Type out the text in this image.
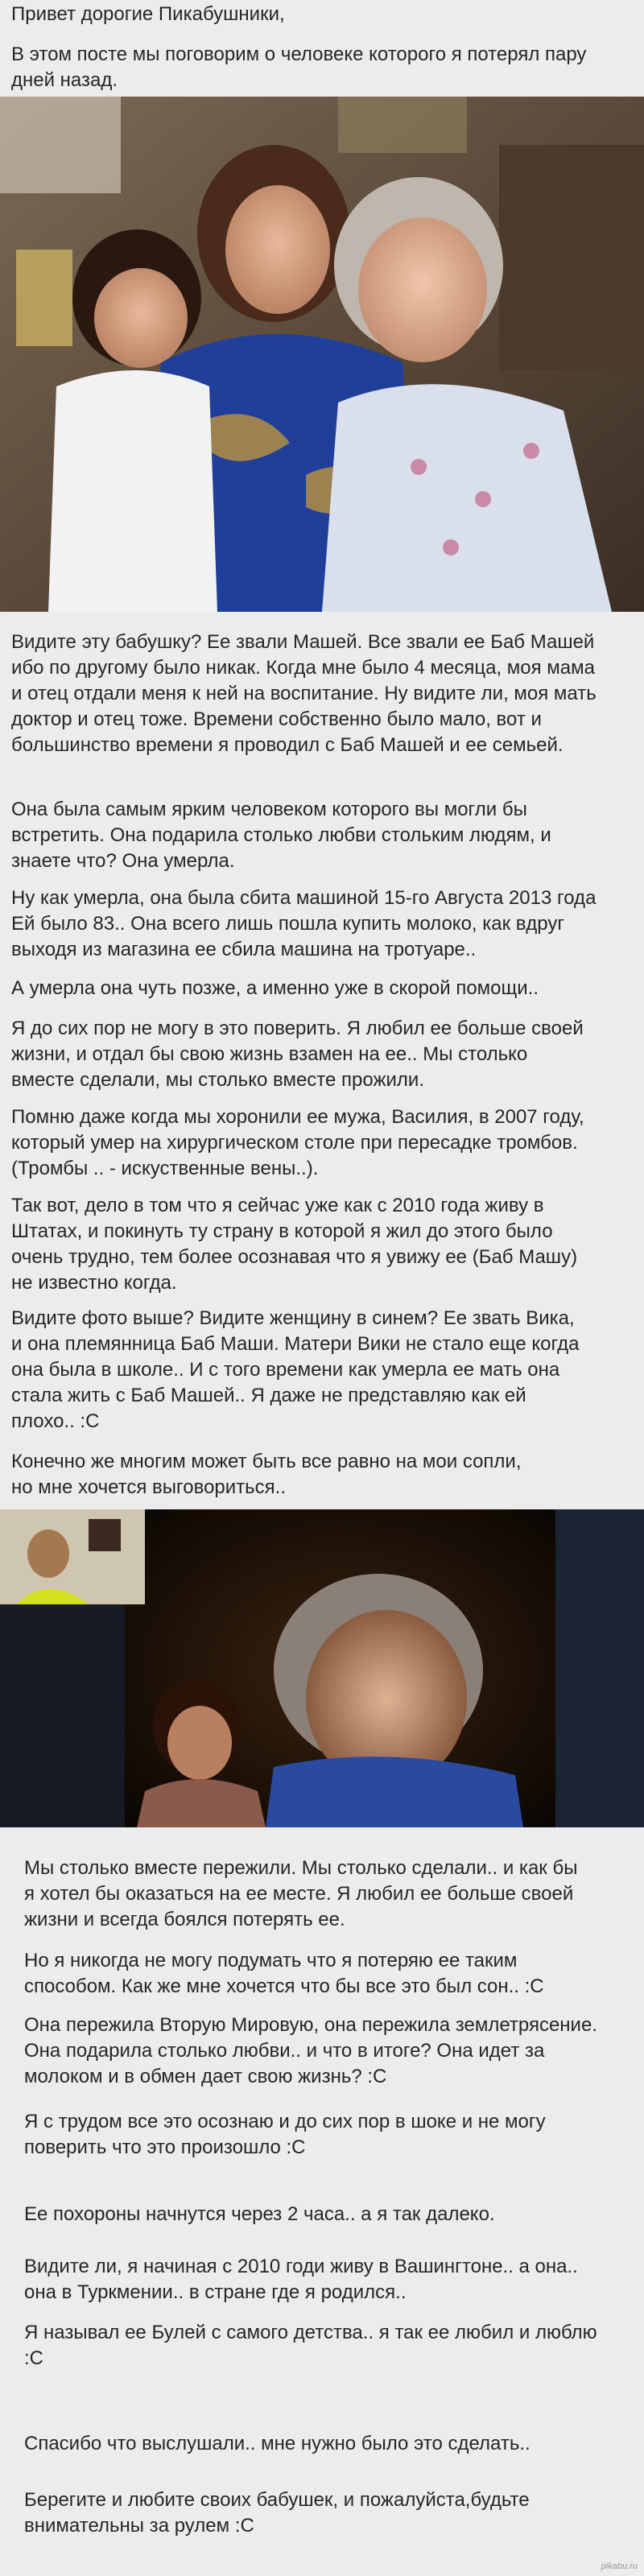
Привет дорогие Пикабушники,

В этом посте мы поговорим о человеке которого я потерял пару дней назад.

Видите эту бабушку? Ее звали Машей. Все звали ее Баб Машей
ибо по другому было никак. Когда мне было 4 месяца, моя мама
и отец отдали меня к ней на воспитание. Ну видите ли, моя мать
доктор и отец тоже. Времени собственно было мало, вот и
большинство времени я проводил с Баб Машей и ее семьей.

Она была самым ярким человеком которого вы могли бы
встретить. Она подарила столько любви стольким людям, и
знаете что? Она умерла.

Ну как умерла, она была сбита машиной 15-го Августа 2013 года
Ей было 83.. Она всего лишь пошла купить молоко, как вдруг
выходя из магазина ее сбила машина на тротуаре..

А умерла она чуть позже, а именно уже в скорой помощи..

Я до сих пор не могу в это поверить. Я любил ее больше своей
жизни, и отдал бы свою жизнь взамен на ее.. Мы столько
вместе сделали, мы столько вместе прожили.

Помню даже когда мы хоронили ее мужа, Василия, в 2007 году,
который умер на хирургическом столе при пересадке тромбов.
(Тромбы .. - искуственные вены..).

Так вот, дело в том что я сейчас уже как с 2010 года живу в
Штатах, и покинуть ту страну в которой я жил до этого было
очень трудно, тем более осознавая что я увижу ее (Баб Машу)
не известно когда.

Видите фото выше? Видите женщину в синем? Ее звать Вика,
и она племянница Баб Маши. Матери Вики не стало еще когда
она была в школе.. И с того времени как умерла ее мать она
стала жить с Баб Машей.. Я даже не представляю как ей
плохо.. :С

Конечно же многим может быть все равно на мои сопли,
но мне хочется выговориться..

Мы столько вместе пережили. Мы столько сделали.. и как бы
я хотел бы оказаться на ее месте. Я любил ее больше своей
жизни и всегда боялся потерять ее.

Но я никогда не могу подумать что я потеряю ее таким
способом. Как же мне хочется что бы все это был сон.. :С

Она пережила Вторую Мировую, она пережила землетрясение.
Она подарила столько любви.. и что в итоге? Она идет за
молоком и в обмен дает свою жизнь? :С

Я с трудом все это осознаю и до сих пор в шоке и не могу
поверить что это произошло :С

Ее похороны начнутся через 2 часа.. а я так далеко.

Видите ли, я начиная с 2010 годи живу в Вашингтоне.. а она..
она в Туркмении.. в стране где я родился..

Я называл ее Булей с самого детства.. я так ее любил и люблю
:С

Спасибо что выслушали.. мне нужно было это сделать..

Берегите и любите своих бабушек, и пожалуйста,будьте
внимательны за рулем :С

pikabu.ru
